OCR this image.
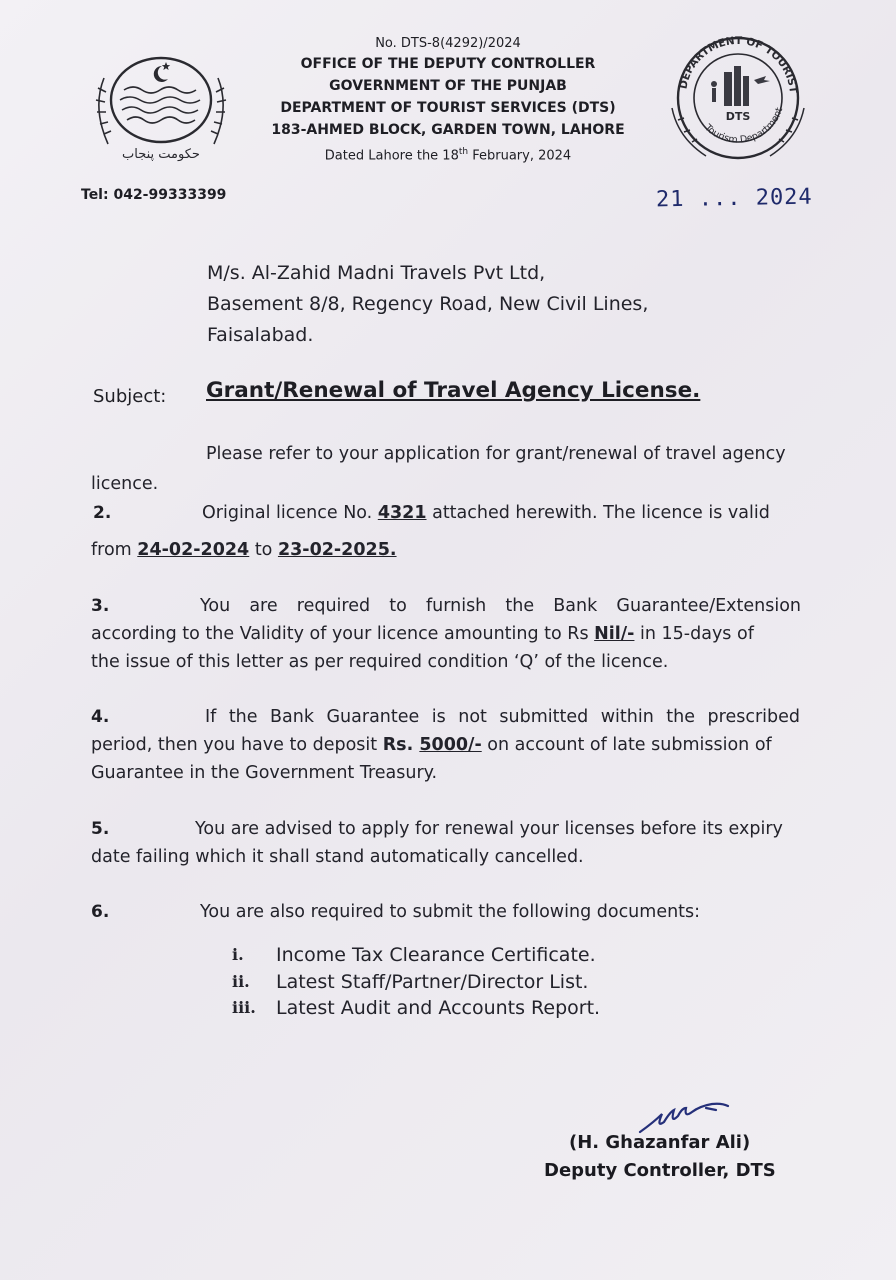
No. DTS-8(4292)/2024
OFFICE OF THE DEPUTY CONTROLLER
GOVERNMENT OF THE PUNJAB
DEPARTMENT OF TOURIST SERVICES (DTS)
183-AHMED BLOCK, GARDEN TOWN, LAHORE
Dated Lahore the 18th February, 2024
Tel: 042-99333399	21 ... 2024
حکومت پنجاب
DEPARTMENT OF TOURIST
Tourism Department
DTS
M/s. Al-Zahid Madni Travels Pvt Ltd,
Basement 8/8, Regency Road, New Civil Lines,
Faisalabad.
Subject: Grant/Renewal of Travel Agency License.
Please refer to your application for grant/renewal of travel agency
licence.
2.	Original licence No. 4321 attached herewith. The licence is valid
from 24-02-2024 to 23-02-2025.
3.	You are required to furnish the Bank Guarantee/Extension
according to the Validity of your licence amounting to Rs Nil/- in 15-days of
the issue of this letter as per required condition ‘Q’ of the licence.
4.	If the Bank Guarantee is not submitted within the prescribed
period, then you have to deposit Rs. 5000/- on account of late submission of
Guarantee in the Government Treasury.
5.	You are advised to apply for renewal your licenses before its expiry
date failing which it shall stand automatically cancelled.
6.	You are also required to submit the following documents:
i.	Income Tax Clearance Certificate.
ii.	Latest Staff/Partner/Director List.
iii.	Latest Audit and Accounts Report.
(H. Ghazanfar Ali)
Deputy Controller, DTS
